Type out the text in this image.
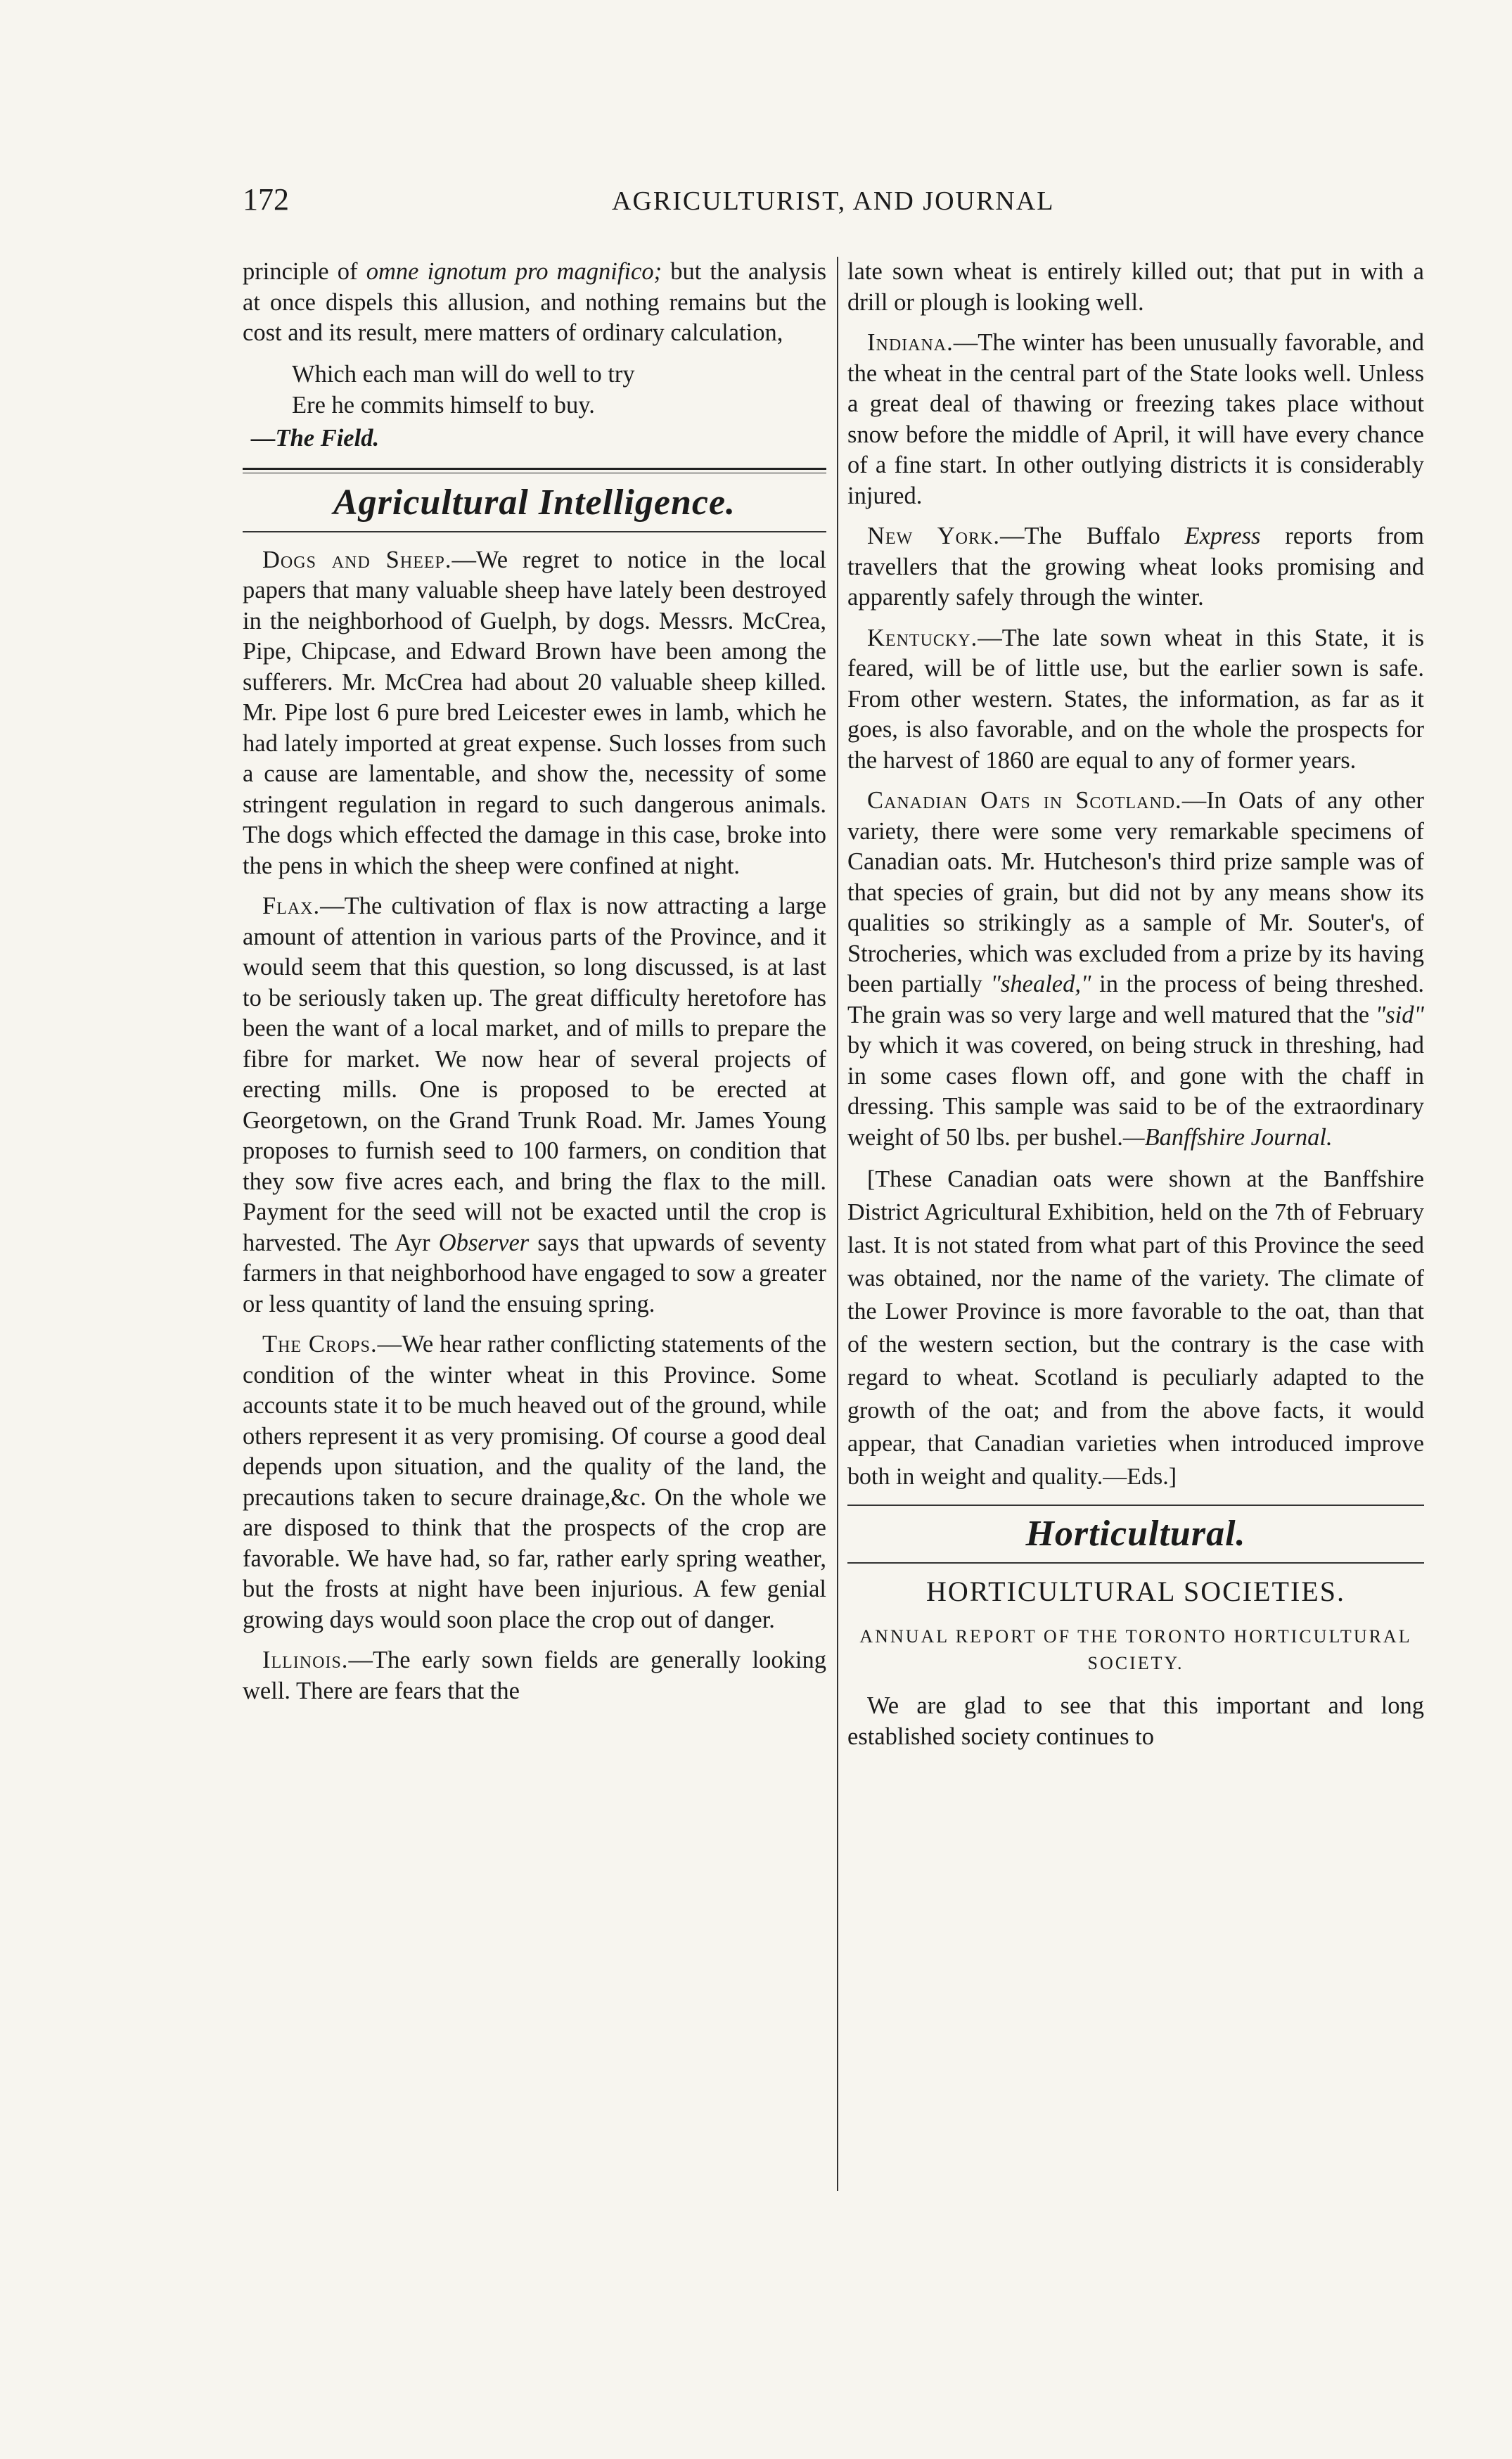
172	AGRICULTURIST, AND JOURNAL

principle of omne ignotum pro magnifico; but the analysis at once dispels this allusion, and nothing remains but the cost and its result, mere matters of ordinary calculation,

Which each man will do well to try
Ere he commits himself to buy.
—The Field.
Agricultural Intelligence.

Dogs and Sheep.—We regret to notice in the local papers that many valuable sheep have lately been destroyed in the neighborhood of Guelph, by dogs. Messrs. McCrea, Pipe, Chipcase, and Edward Brown have been among the sufferers. Mr. McCrea had about 20 valuable sheep killed. Mr. Pipe lost 6 pure bred Leicester ewes in lamb, which he had lately imported at great expense. Such losses from such a cause are lamentable, and show the, necessity of some stringent regulation in regard to such dangerous animals. The dogs which effected the damage in this case, broke into the pens in which the sheep were confined at night.

Flax.—The cultivation of flax is now attracting a large amount of attention in various parts of the Province, and it would seem that this question, so long discussed, is at last to be seriously taken up. The great difficulty heretofore has been the want of a local market, and of mills to prepare the fibre for market. We now hear of several projects of erecting mills. One is proposed to be erected at Georgetown, on the Grand Trunk Road. Mr. James Young proposes to furnish seed to 100 farmers, on condition that they sow five acres each, and bring the flax to the mill. Payment for the seed will not be exacted until the crop is harvested. The Ayr Observer says that upwards of seventy farmers in that neighborhood have engaged to sow a greater or less quantity of land the ensuing spring.

The Crops.—We hear rather conflicting statements of the condition of the winter wheat in this Province. Some accounts state it to be much heaved out of the ground, while others represent it as very promising. Of course a good deal depends upon situation, and the quality of the land, the precautions taken to secure drainage,&c. On the whole we are disposed to think that the prospects of the crop are favorable. We have had, so far, rather early spring weather, but the frosts at night have been injurious. A few genial growing days would soon place the crop out of danger.

Illinois.—The early sown fields are generally looking well. There are fears that the

late sown wheat is entirely killed out; that put in with a drill or plough is looking well.

Indiana.—The winter has been unusually favorable, and the wheat in the central part of the State looks well. Unless a great deal of thawing or freezing takes place without snow before the middle of April, it will have every chance of a fine start. In other outlying districts it is considerably injured.

New York.—The Buffalo Express reports from travellers that the growing wheat looks promising and apparently safely through the winter.

Kentucky.—The late sown wheat in this State, it is feared, will be of little use, but the earlier sown is safe. From other western. States, the information, as far as it goes, is also favorable, and on the whole the prospects for the harvest of 1860 are equal to any of former years.

Canadian Oats in Scotland.—In Oats of any other variety, there were some very remarkable specimens of Canadian oats. Mr. Hutcheson's third prize sample was of that species of grain, but did not by any means show its qualities so strikingly as a sample of Mr. Souter's, of Strocheries, which was excluded from a prize by its having been partially "shealed," in the process of being threshed. The grain was so very large and well matured that the "sid" by which it was covered, on being struck in threshing, had in some cases flown off, and gone with the chaff in dressing. This sample was said to be of the extraordinary weight of 50 lbs. per bushel.—Banffshire Journal.

[These Canadian oats were shown at the Banffshire District Agricultural Exhibition, held on the 7th of February last. It is not stated from what part of this Province the seed was obtained, nor the name of the variety. The climate of the Lower Province is more favorable to the oat, than that of the western section, but the contrary is the case with regard to wheat. Scotland is peculiarly adapted to the growth of the oat; and from the above facts, it would appear, that Canadian varieties when introduced improve both in weight and quality.—Eds.]

Horticultural.
HORTICULTURAL SOCIETIES.
ANNUAL REPORT OF THE TORONTO HORTICULTURAL SOCIETY.

We are glad to see that this important and long established society continues to
